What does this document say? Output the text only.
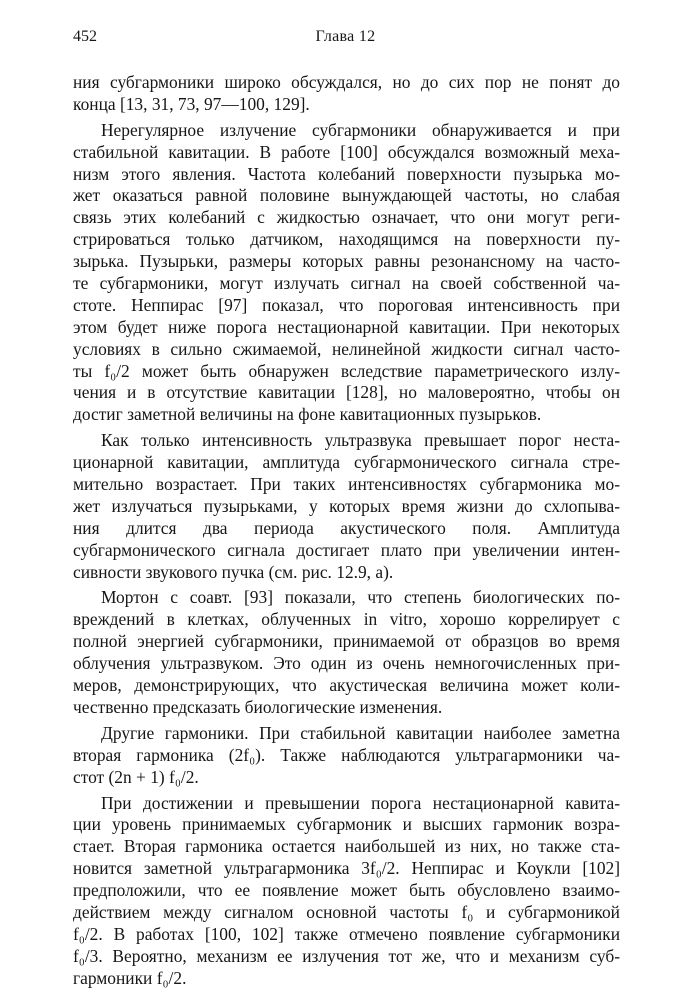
452	Глава 12
ния субгармоники широко обсуждался, но до сих пор не понят до
конца [13, 31, 73, 97—100, 129].
Нерегулярное излучение субгармоники обнаруживается и при
стабильной кавитации. В работе [100] обсуждался возможный меха-
низм этого явления. Частота колебаний поверхности пузырька мо-
жет оказаться равной половине вынуждающей частоты, но слабая
связь этих колебаний с жидкостью означает, что они могут реги-
стрироваться только датчиком, находящимся на поверхности пу-
зырька. Пузырьки, размеры которых равны резонансному на часто-
те субгармоники, могут излучать сигнал на своей собственной ча-
стоте. Неппирас [97] показал, что пороговая интенсивность при
этом будет ниже порога нестационарной кавитации. При некоторых
условиях в сильно сжимаемой, нелинейной жидкости сигнал часто-
ты f₀/2 может быть обнаружен вследствие параметрического излу-
чения и в отсутствие кавитации [128], но маловероятно, чтобы он
достиг заметной величины на фоне кавитационных пузырьков.
Как только интенсивность ультразвука превышает порог неста-
ционарной кавитации, амплитуда субгармонического сигнала стре-
мительно возрастает. При таких интенсивностях субгармоника мо-
жет излучаться пузырьками, у которых время жизни до схлопыва-
ния длится два периода акустического поля. Амплитуда
субгармонического сигнала достигает плато при увеличении интен-
сивности звукового пучка (см. рис. 12.9, a).
Мортон с соавт. [93] показали, что степень биологических по-
вреждений в клетках, облученных in vitro, хорошо коррелирует с
полной энергией субгармоники, принимаемой от образцов во время
облучения ультразвуком. Это один из очень немногочисленных при-
меров, демонстрирующих, что акустическая величина может коли-
чественно предсказать биологические изменения.
Другие гармоники. При стабильной кавитации наиболее заметна
вторая гармоника (2f₀). Также наблюдаются ультрагармоники ча-
стот (2n + 1) f₀/2.
При достижении и превышении порога нестационарной кавита-
ции уровень принимаемых субгармоник и высших гармоник возра-
стает. Вторая гармоника остается наибольшей из них, но также ста-
новится заметной ультрагармоника 3f₀/2. Неппирас и Коукли [102]
предположили, что ее появление может быть обусловлено взаимо-
действием между сигналом основной частоты f₀ и субгармоникой
f₀/2. В работах [100, 102] также отмечено появление субгармоники
f₀/3. Вероятно, механизм ее излучения тот же, что и механизм суб-
гармоники f₀/2.
